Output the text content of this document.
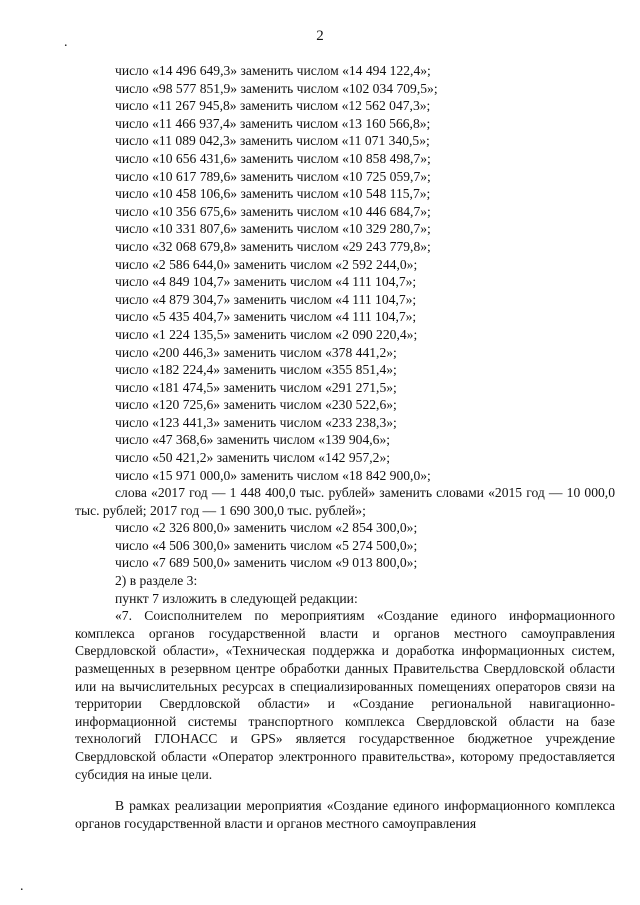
.	2
число «14 496 649,3» заменить числом «14 494 122,4»;
число «98 577 851,9» заменить числом «102 034 709,5»;
число «11 267 945,8» заменить числом «12 562 047,3»;
число «11 466 937,4» заменить числом «13 160 566,8»;
число «11 089 042,3» заменить числом «11 071 340,5»;
число «10 656 431,6» заменить числом «10 858 498,7»;
число «10 617 789,6» заменить числом «10 725 059,7»;
число «10 458 106,6» заменить числом «10 548 115,7»;
число «10 356 675,6» заменить числом «10 446 684,7»;
число «10 331 807,6» заменить числом «10 329 280,7»;
число «32 068 679,8» заменить числом «29 243 779,8»;
число «2 586 644,0» заменить числом «2 592 244,0»;
число «4 849 104,7» заменить числом «4 111 104,7»;
число «4 879 304,7» заменить числом «4 111 104,7»;
число «5 435 404,7» заменить числом «4 111 104,7»;
число «1 224 135,5» заменить числом «2 090 220,4»;
число «200 446,3» заменить числом «378 441,2»;
число «182 224,4» заменить числом «355 851,4»;
число «181 474,5» заменить числом «291 271,5»;
число «120 725,6» заменить числом «230 522,6»;
число «123 441,3» заменить числом «233 238,3»;
число «47 368,6» заменить числом «139 904,6»;
число «50 421,2» заменить числом «142 957,2»;
число «15 971 000,0» заменить числом «18 842 900,0»;
слова «2017 год — 1 448 400,0 тыс. рублей» заменить словами «2015 год — 10 000,0 тыс. рублей; 2017 год — 1 690 300,0 тыс. рублей»;
число «2 326 800,0» заменить числом «2 854 300,0»;
число «4 506 300,0» заменить числом «5 274 500,0»;
число «7 689 500,0» заменить числом «9 013 800,0»;
2) в разделе 3:
пункт 7 изложить в следующей редакции:
«7. Соисполнителем по мероприятиям «Создание единого информационного комплекса органов государственной власти и органов местного самоуправления Свердловской области», «Техническая поддержка и доработка информационных систем, размещенных в резервном центре обработки данных Правительства Свердловской области или на вычислительных ресурсах в специализированных помещениях операторов связи на территории Свердловской области» и «Создание региональной навигационно-информационной системы транспортного комплекса Свердловской области на базе технологий ГЛОНАСС и GPS» является государственное бюджетное учреждение Свердловской области «Оператор электронного правительства», которому предоставляется субсидия на иные цели.
В рамках реализации мероприятия «Создание единого информационного комплекса органов государственной власти и органов местного самоуправления
.
